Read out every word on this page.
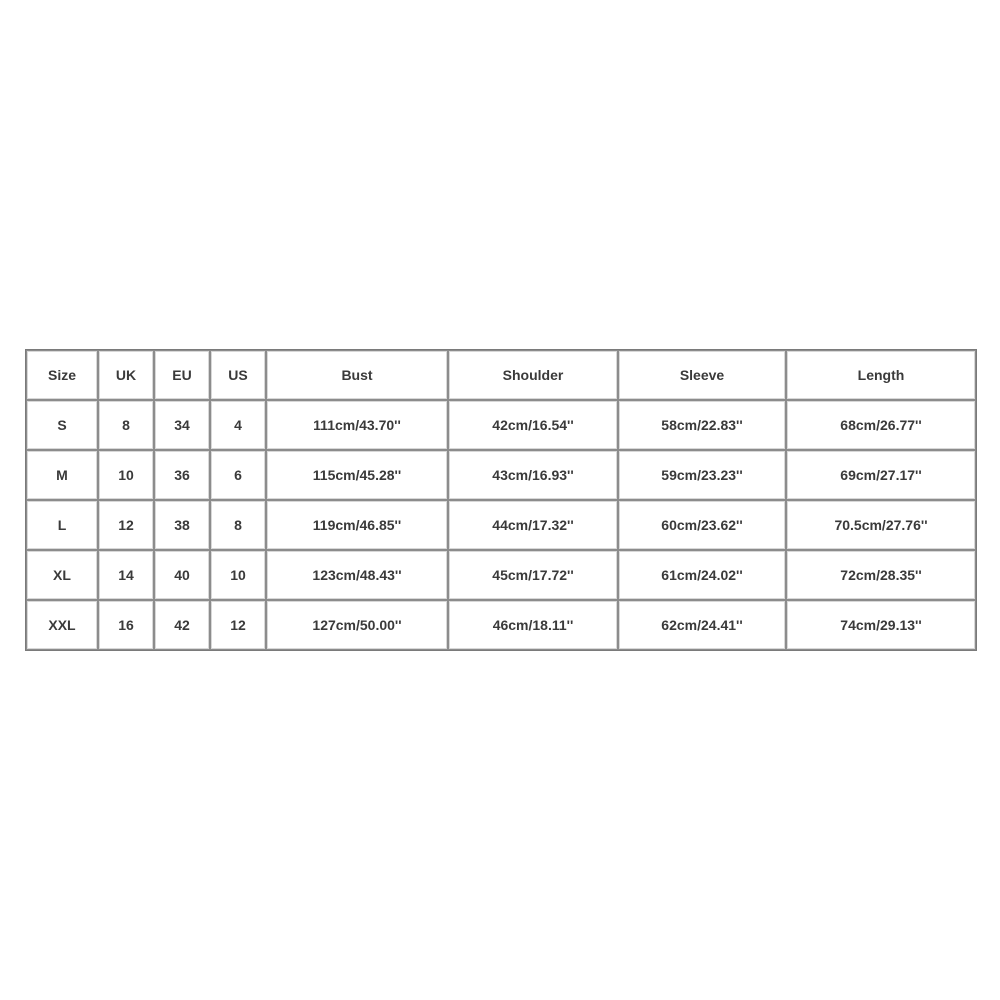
Size	UK	EU	US	Bust	Shoulder	Sleeve	Length
S	8	34	4	111cm/43.70''	42cm/16.54''	58cm/22.83''	68cm/26.77''
M	10	36	6	115cm/45.28''	43cm/16.93''	59cm/23.23''	69cm/27.17''
L	12	38	8	119cm/46.85''	44cm/17.32''	60cm/23.62''	70.5cm/27.76''
XL	14	40	10	123cm/48.43''	45cm/17.72''	61cm/24.02''	72cm/28.35''
XXL	16	42	12	127cm/50.00''	46cm/18.11''	62cm/24.41''	74cm/29.13''
